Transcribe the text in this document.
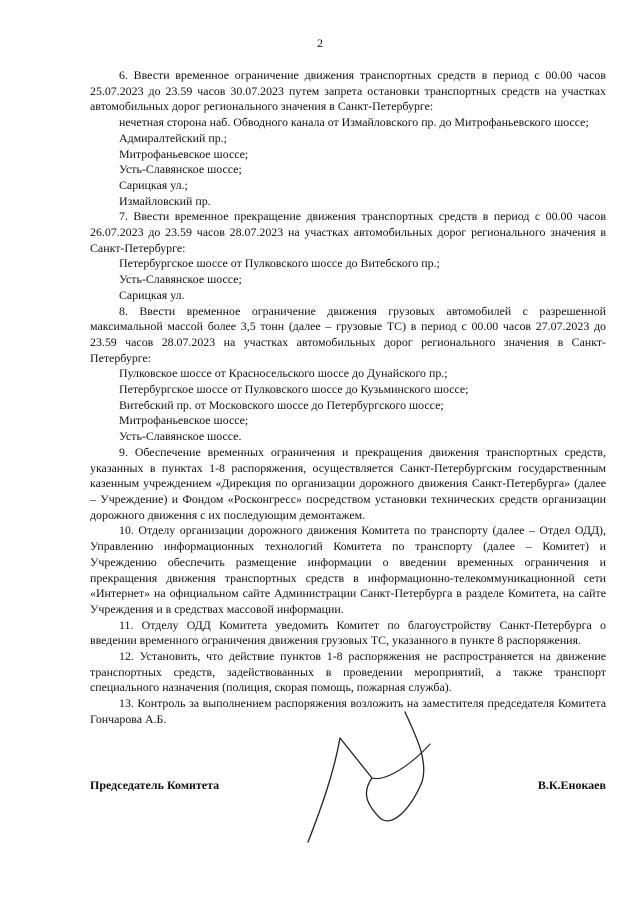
2

6. Ввести временное ограничение движения транспортных средств в период с 00.00 часов 25.07.2023 до 23.59 часов 30.07.2023 путем запрета остановки транспортных средств на участках автомобильных дорог регионального значения в Санкт-Петербурге:

нечетная сторона наб. Обводного канала от Измайловского пр. до Митрофаньевского шоссе;

Адмиралтейский пр.;

Митрофаньевское шоссе;

Усть-Славянское шоссе;

Сарицкая ул.;

Измайловский пр.

7. Ввести временное прекращение движения транспортных средств в период с 00.00 часов 26.07.2023 до 23.59 часов 28.07.2023 на участках автомобильных дорог регионального значения в Санкт-Петербурге:

Петербургское шоссе от Пулковского шоссе до Витебского пр.;

Усть-Славянское шоссе;

Сарицкая ул.

8. Ввести временное ограничение движения грузовых автомобилей с разрешенной максимальной массой более 3,5 тонн (далее – грузовые ТС) в период с 00.00 часов 27.07.2023 до 23.59 часов 28.07.2023 на участках автомобильных дорог регионального значения в Санкт-Петербурге:

Пулковское шоссе от Красносельского шоссе до Дунайского пр.;

Петербургское шоссе от Пулковского шоссе до Кузьминского шоссе;

Витебский пр. от Московского шоссе до Петербургского шоссе;

Митрофаньевское шоссе;

Усть-Славянское шоссе.

9. Обеспечение временных ограничения и прекращения движения транспортных средств, указанных в пунктах 1-8 распоряжения, осуществляется Санкт-Петербургским государственным казенным учреждением «Дирекция по организации дорожного движения Санкт-Петербурга» (далее – Учреждение) и Фондом «Росконгресс» посредством установки технических средств организации дорожного движения с их последующим демонтажем.

10. Отделу организации дорожного движения Комитета по транспорту (далее – Отдел ОДД), Управлению информационных технологий Комитета по транспорту (далее – Комитет) и Учреждению обеспечить размещение информации о введении временных ограничения и прекращения движения транспортных средств в информационно-телекоммуникационной сети «Интернет» на официальном сайте Администрации Санкт-Петербурга в разделе Комитета, на сайте Учреждения и в средствах массовой информации.

11. Отделу ОДД Комитета уведомить Комитет по благоустройству Санкт-Петербурга о введении временного ограничения движения грузовых ТС, указанного в пункте 8 распоряжения.

12. Установить, что действие пунктов 1-8 распоряжения не распространяется на движение транспортных средств, задействованных в проведении мероприятий, а также транспорт специального назначения (полиция, скорая помощь, пожарная служба).

13. Контроль за выполнением распоряжения возложить на заместителя председателя Комитета Гончарова А.Б.

Председатель Комитета	В.К.Енокаев
